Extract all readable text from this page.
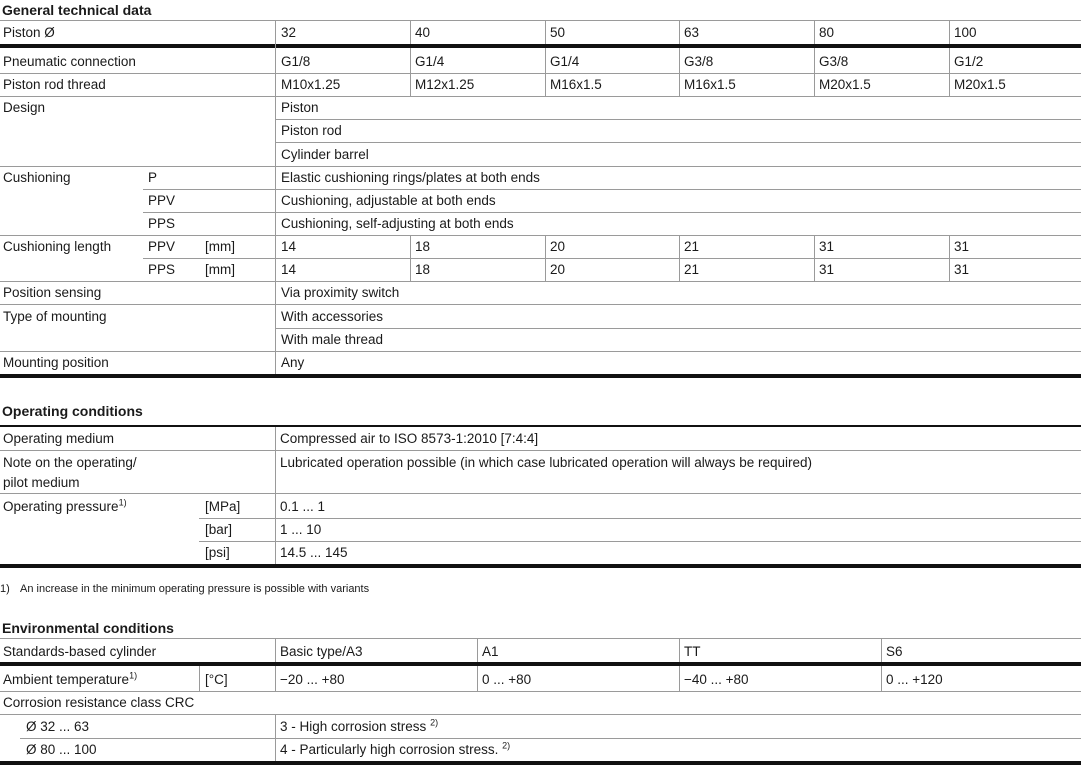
General technical data
Piston Ø	32	40	50	63	80	100
Pneumatic connection	G1/8	G1/4	G1/4	G3/8	G3/8	G1/2
Piston rod thread	M10x1.25	M12x1.25	M16x1.5	M16x1.5	M20x1.5	M20x1.5
Design	Piston
Piston rod
Cylinder barrel
Cushioning	P	Elastic cushioning rings/plates at both ends
PPV	Cushioning, adjustable at both ends
PPS	Cushioning, self-adjusting at both ends
Cushioning length	PPV [mm]	14	18	20	21	31	31
PPS [mm]	14	18	20	21	31	31
Position sensing	Via proximity switch
Type of mounting	With accessories
With male thread
Mounting position	Any
Operating conditions
Operating medium	Compressed air to ISO 8573-1:2010 [7:4:4]
Note on the operating/
pilot medium
Lubricated operation possible (in which case lubricated operation will always be required)
Operating pressure$^{1)}$	[MPa]	0.1 ... 1
[bar]	1 ... 10
[psi]	14.5 ... 145
1) An increase in the minimum operating pressure is possible with variants
Environmental conditions
Standards-based cylinder	Basic type/A3	A1	TT	S6
Ambient temperature$^{1)}$	[°C]	−20 ... +80	0 ... +80	−40 ... +80	0 ... +120
Corrosion resistance class CRC
Ø 32 ... 63	3 - High corrosion stress $^{2)}$
Ø 80 ... 100	4 - Particularly high corrosion stress. $^{2)}$
